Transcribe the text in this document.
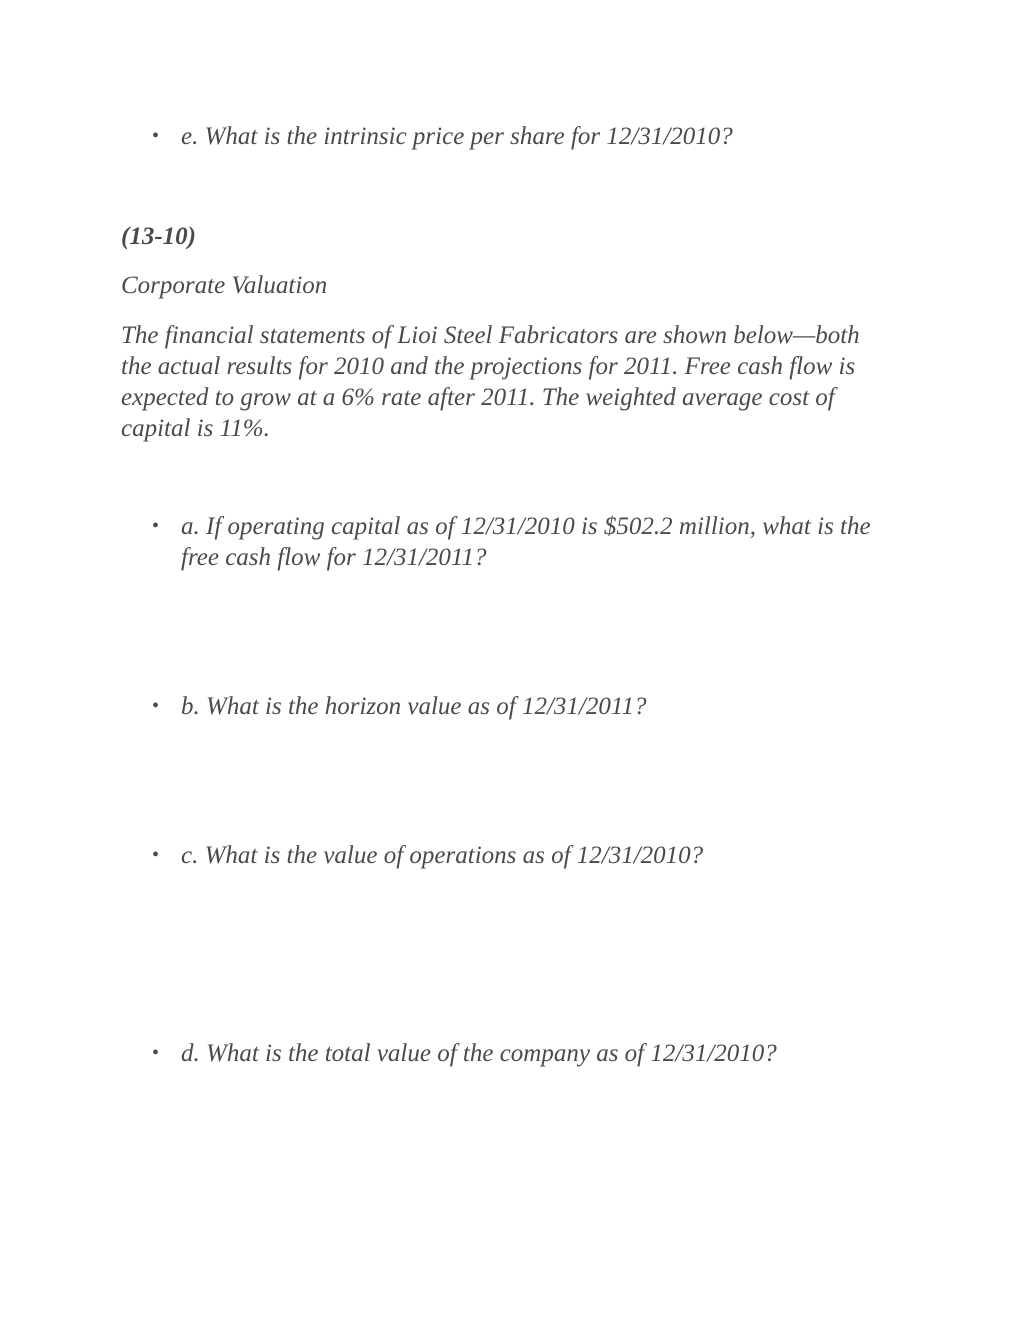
• e. What is the intrinsic price per share for 12/31/2010?
(13-10)
Corporate Valuation
The financial statements of Lioi Steel Fabricators are shown below—both the actual results for 2010 and the projections for 2011. Free cash flow is expected to grow at a 6% rate after 2011. The weighted average cost of capital is 11%.
• a. If operating capital as of 12/31/2010 is $502.2 million, what is the free cash flow for 12/31/2011?
• b. What is the horizon value as of 12/31/2011?
• c. What is the value of operations as of 12/31/2010?
• d. What is the total value of the company as of 12/31/2010?
